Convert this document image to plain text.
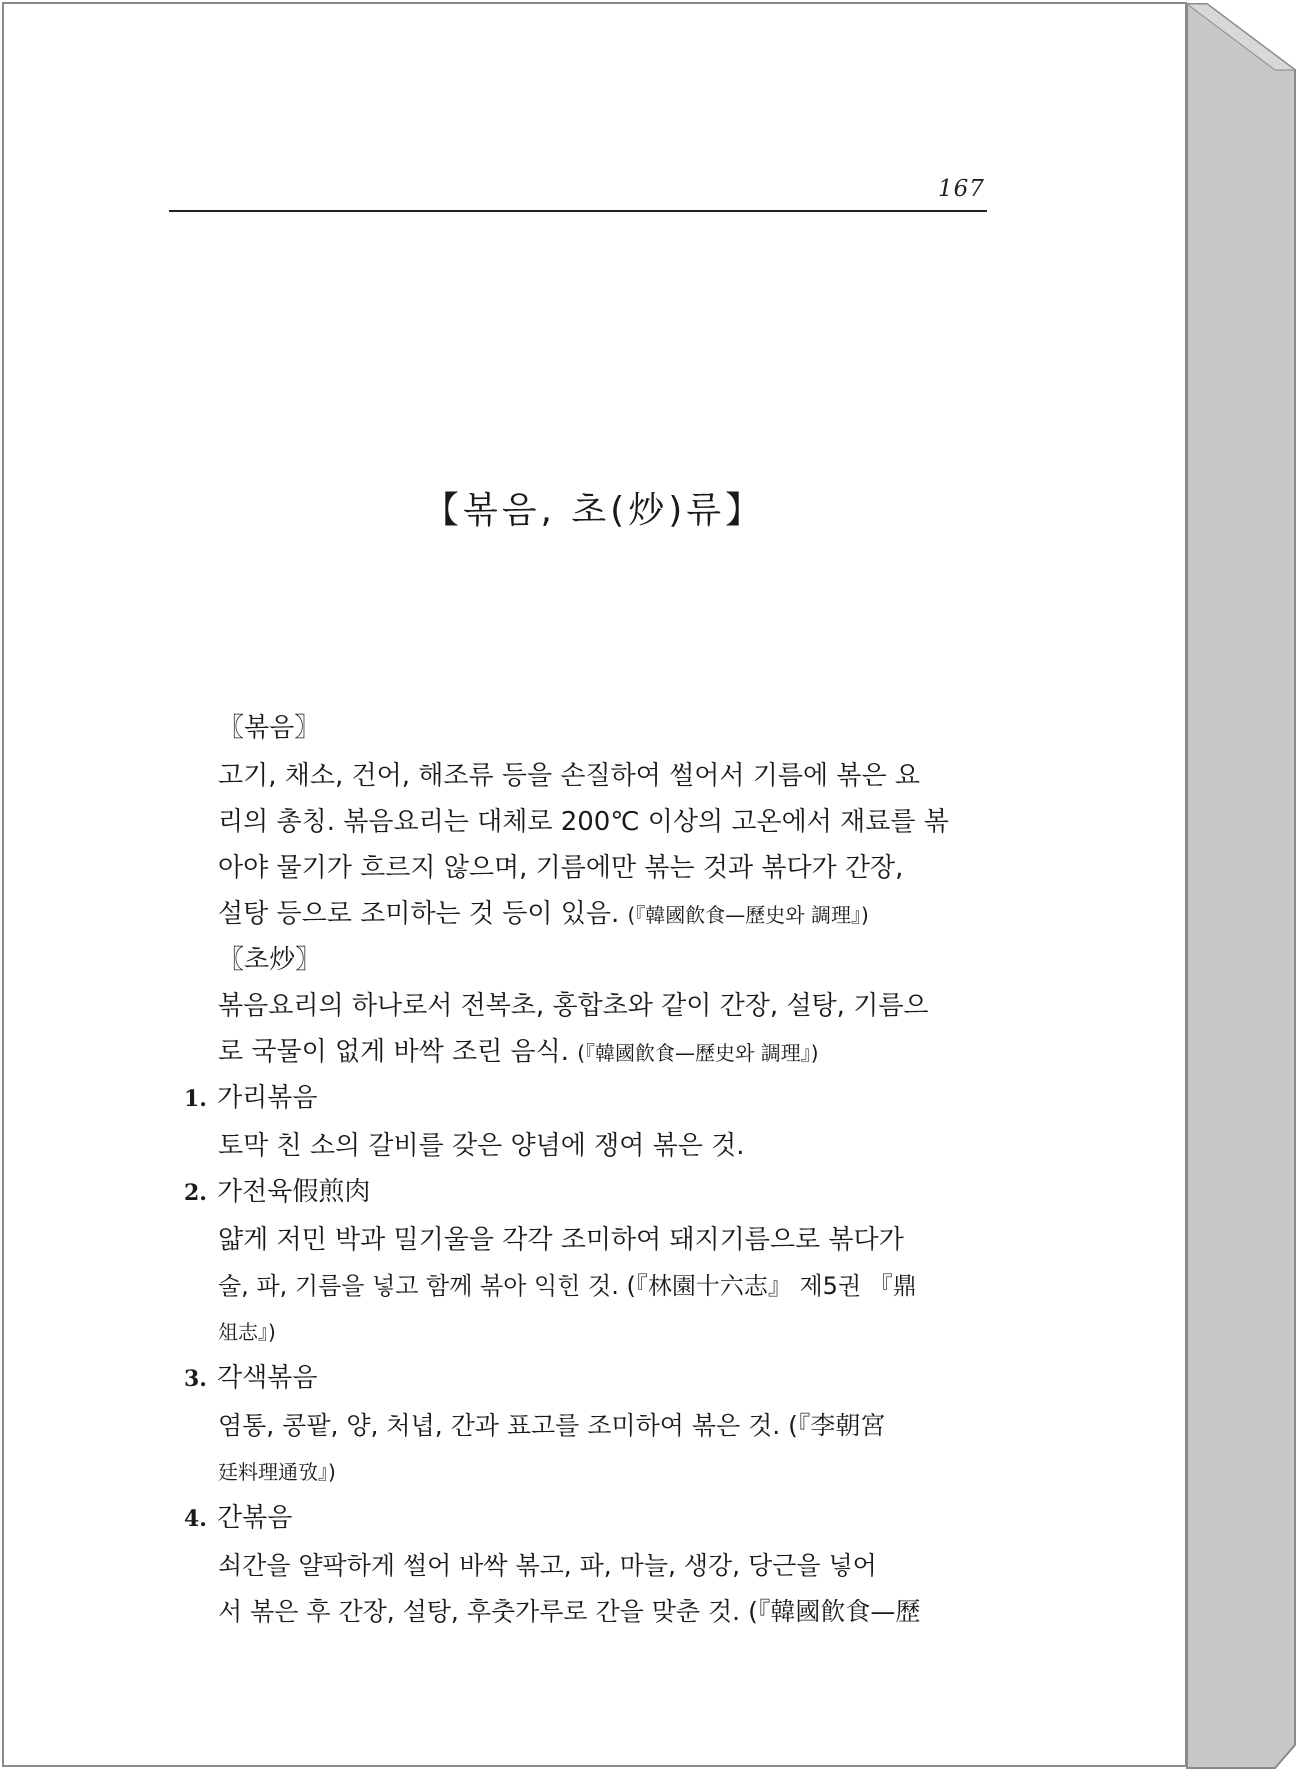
167
【볶음, 초(炒)류】
〖볶음〗
고기, 채소, 건어, 해조류 등을 손질하여 썰어서 기름에 볶은 요
리의 총칭. 볶음요리는 대체로 200℃ 이상의 고온에서 재료를 볶
아야 물기가 흐르지 않으며, 기름에만 볶는 것과 볶다가 간장,
설탕 등으로 조미하는 것 등이 있음. (『韓國飮食—歷史와 調理』)
〖초炒〗
볶음요리의 하나로서 전복초, 홍합초와 같이 간장, 설탕, 기름으
로 국물이 없게 바싹 조린 음식. (『韓國飮食—歷史와 調理』)
1. 가리볶음
토막 친 소의 갈비를 갖은 양념에 쟁여 볶은 것.
2. 가전육假煎肉
얇게 저민 박과 밀기울을 각각 조미하여 돼지기름으로 볶다가
술, 파, 기름을 넣고 함께 볶아 익힌 것. (『林園十六志』 제5권 『鼎
俎志』)
3. 각색볶음
염통, 콩팥, 양, 처녑, 간과 표고를 조미하여 볶은 것. (『李朝宮
廷料理通攷』)
4. 간볶음
쇠간을 얄팍하게 썰어 바싹 볶고, 파, 마늘, 생강, 당근을 넣어
서 볶은 후 간장, 설탕, 후춧가루로 간을 맞춘 것. (『韓國飮食—歷
